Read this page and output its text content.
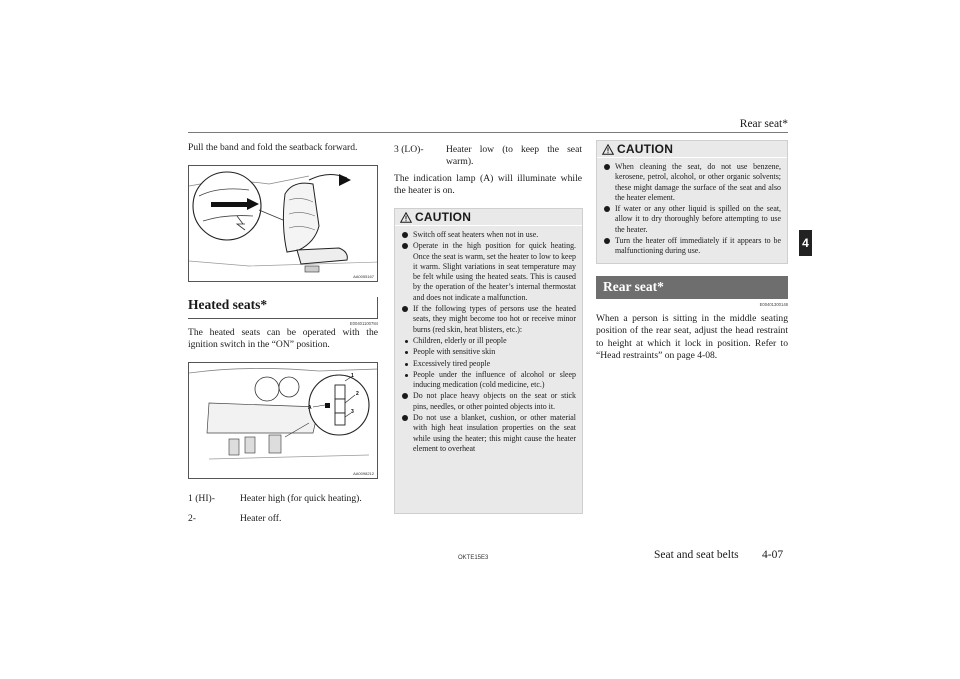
Rear seat*
4
Pull the band and fold the seatback forward.
AA0055167
Heated seats*
E00401100784
The heated seats can be operated with the ignition switch in the “ON” position.
1
2
3
A
AA0098212
1 (HI)-	Heater high (for quick heating).
2-	Heater off.
3 (LO)- Heater low (to keep the seat warm).
The indication lamp (A) will illuminate while the heater is on.
CAUTION
Switch off seat heaters when not in use.
Operate in the high position for quick heating. Once the seat is warm, set the heater to low to keep it warm. Slight variations in seat temperature may be felt while using the heated seats. This is caused by the operation of the heater’s internal thermostat and does not indicate a malfunction.
If the following types of persons use the heated seats, they might become too hot or receive minor burns (red skin, heat blisters, etc.):
Children, elderly or ill people
People with sensitive skin
Excessively tired people
People under the influence of alcohol or sleep inducing medication (cold medicine, etc.)
Do not place heavy objects on the seat or stick pins, needles, or other pointed objects into it.
Do not use a blanket, cushion, or other material with high heat insulation properties on the seat while using the heater; this might cause the heater element to overheat
CAUTION
When cleaning the seat, do not use benzene, kerosene, petrol, alcohol, or other organic solvents; these might damage the surface of the seat and also the heater element.
If water or any other liquid is spilled on the seat, allow it to dry thoroughly before attempting to use the heater.
Turn the heater off immediately if it appears to be malfunctioning during use.
Rear seat*
E00401300148
When a person is sitting in the middle seating position of the rear seat, adjust the head restraint to height at which it lock in position. Refer to “Head restraints” on page 4-08.
OKTE15E3	Seat and seat belts 4-07
